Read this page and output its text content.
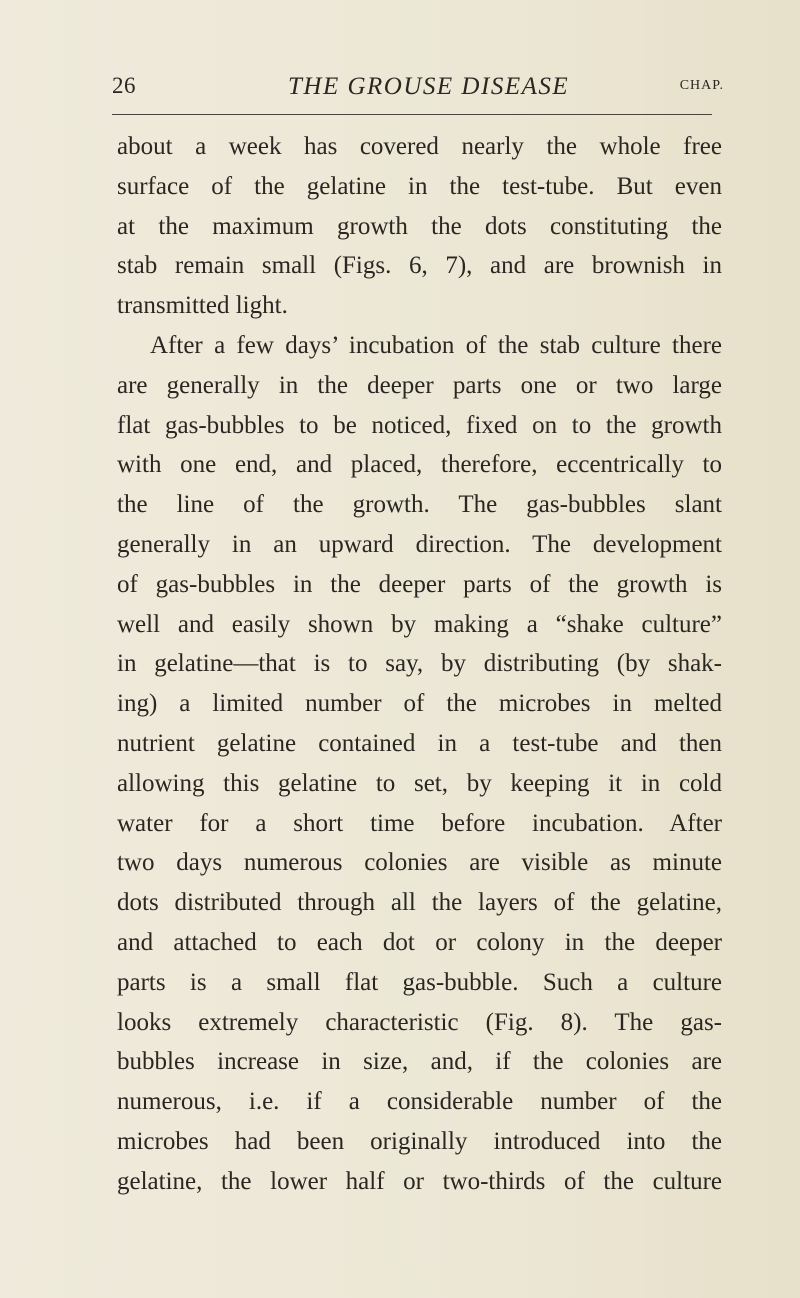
26	THE GROUSE DISEASE	CHAP.
about a week has covered nearly the whole free
surface of the gelatine in the test-tube. But even
at the maximum growth the dots constituting the
stab remain small (Figs. 6, 7), and are brownish in
transmitted light.
After a few days’ incubation of the stab culture there
are generally in the deeper parts one or two large
flat gas-bubbles to be noticed, fixed on to the growth
with one end, and placed, therefore, eccentrically to
the line of the growth. The gas-bubbles slant
generally in an upward direction. The development
of gas-bubbles in the deeper parts of the growth is
well and easily shown by making a “shake culture”
in gelatine—that is to say, by distributing (by shak-
ing) a limited number of the microbes in melted
nutrient gelatine contained in a test-tube and then
allowing this gelatine to set, by keeping it in cold
water for a short time before incubation. After
two days numerous colonies are visible as minute
dots distributed through all the layers of the gelatine,
and attached to each dot or colony in the deeper
parts is a small flat gas-bubble. Such a culture
looks extremely characteristic (Fig. 8). The gas-
bubbles increase in size, and, if the colonies are
numerous, i.e. if a considerable number of the
microbes had been originally introduced into the
gelatine, the lower half or two-thirds of the culture
